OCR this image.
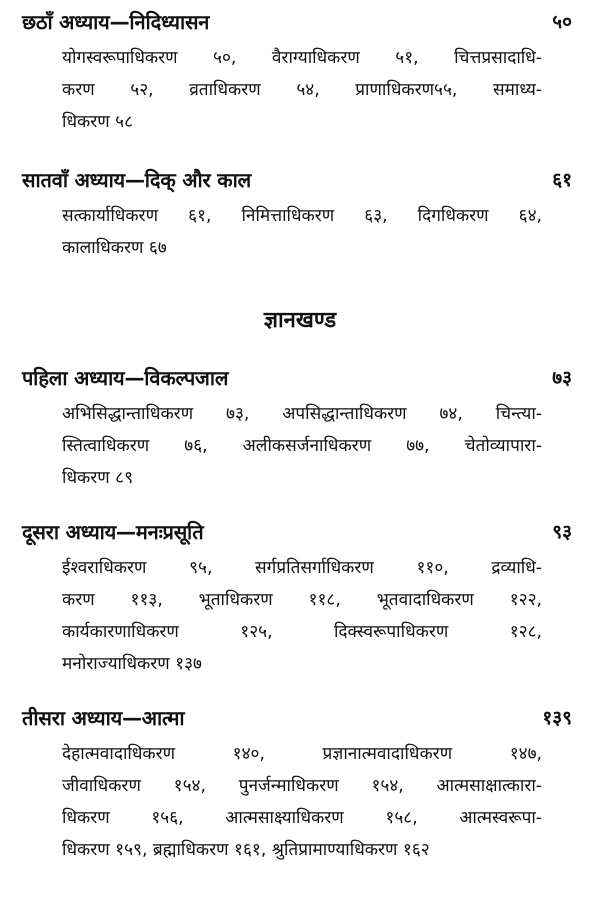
छठाँ अध्याय—निदिध्यासन	५०
योगस्वरूपाधिकरण ५०, वैराग्याधिकरण ५१, चित्तप्रसादाधि-
करण ५२, व्रताधिकरण ५४, प्राणाधिकरण५५, समाध्य-
धिकरण ५८
सातवाँ अध्याय—दिक् और काल	६१
सत्कार्याधिकरण ६१, निमित्ताधिकरण ६३, दिगधिकरण ६४,
कालाधिकरण ६७
ज्ञानखण्ड
पहिला अध्याय—विकल्पजाल	७३
अभिसिद्धान्ताधिकरण ७३, अपसिद्धान्ताधिकरण ७४, चिन्त्या-
स्तित्वाधिकरण ७६, अलीकसर्जनाधिकरण ७७, चेतोव्यापारा-
धिकरण ८९
दूसरा अध्याय—मनःप्रसूति	९३
ईश्वराधिकरण ९५, सर्गप्रतिसर्गाधिकरण ११०, द्रव्याधि-
करण ११३, भूताधिकरण ११८, भूतवादाधिकरण १२२,
कार्यकारणाधिकरण १२५, दिक्स्वरूपाधिकरण १२८,
मनोराज्याधिकरण १३७
तीसरा अध्याय—आत्मा	१३९
देहात्मवादाधिकरण १४०, प्रज्ञानात्मवादाधिकरण १४७,
जीवाधिकरण १५४, पुनर्जन्माधिकरण १५४, आत्मसाक्षात्कारा-
धिकरण १५६, आत्मसाक्ष्याधिकरण १५८, आत्मस्वरूपा-
धिकरण १५९, ब्रह्माधिकरण १६१, श्रुतिप्रामाण्याधिकरण १६२
